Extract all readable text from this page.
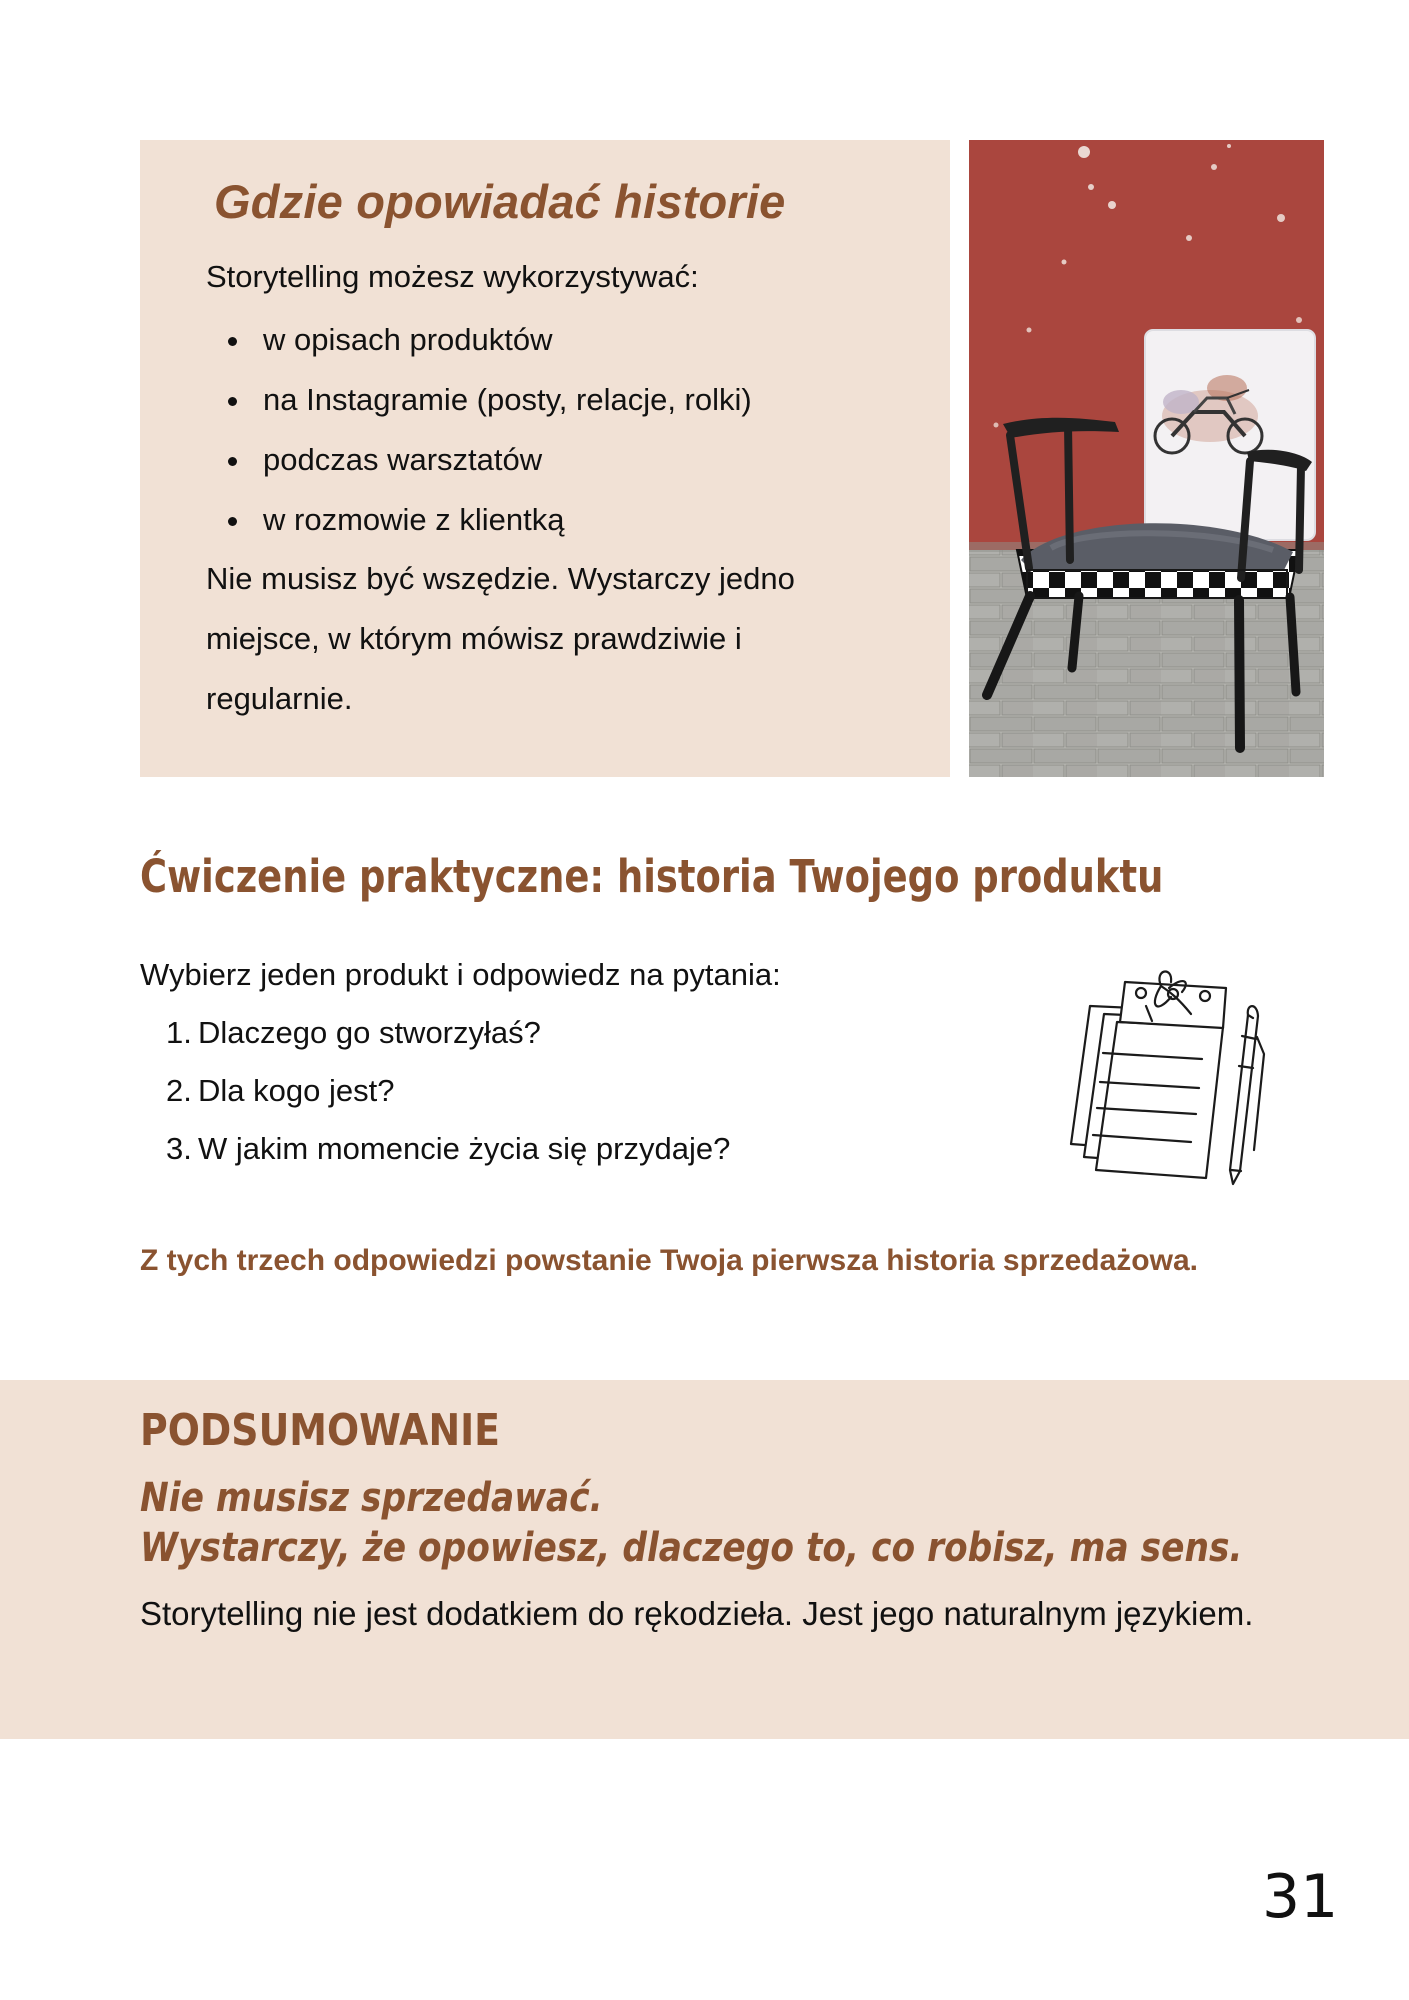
Gdzie opowiadać historie

Storytelling możesz wykorzystywać:

w opisach produktów
na Instagramie (posty, relacje, rolki)
podczas warsztatów
w rozmowie z klientką

Nie musisz być wszędzie. Wystarczy jedno miejsce, w którym mówisz prawdziwie i regularnie.

Ćwiczenie praktyczne: historia Twojego produktu

Wybierz jeden produkt i odpowiedz na pytania:

1. Dlaczego go stworzyłaś?
2. Dla kogo jest?
3. W jakim momencie życia się przydaje?

Z tych trzech odpowiedzi powstanie Twoja pierwsza historia sprzedażowa.

PODSUMOWANIE

Nie musisz sprzedawać.
Wystarczy, że opowiesz, dlaczego to, co robisz, ma sens.

Storytelling nie jest dodatkiem do rękodzieła. Jest jego naturalnym językiem.

31
